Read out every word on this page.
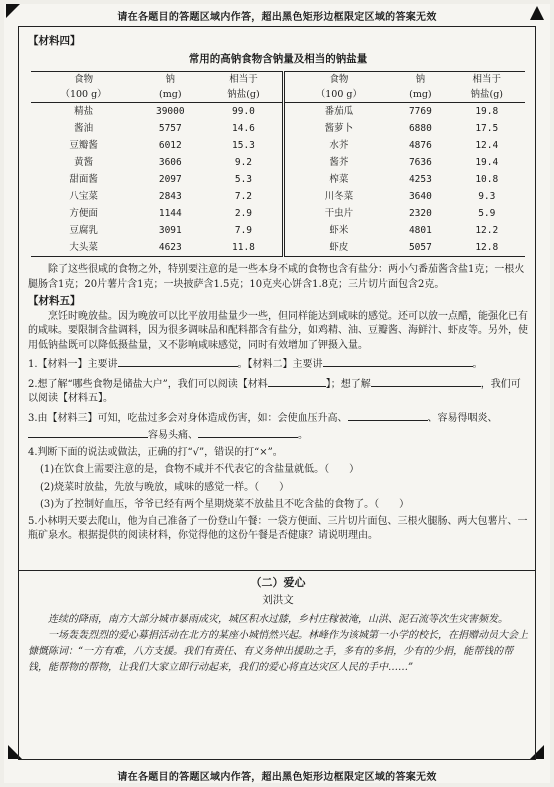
请在各题目的答题区域内作答，超出黑色矩形边框限定区域的答案无效
【材料四】
常用的高钠食物含钠量及相当的钠盐量
食物	钠	相当于	食物	钠	相当于
（100 g）	(mg)	钠盐(g)	（100 g）	(mg)	钠盐(g)
精盐	39000	99.0	番茄瓜	7769	19.8
酱油	5757	14.6	酱萝卜	6880	17.5
豆瓣酱	6012	15.3	水芥	4876	12.4
黄酱	3606	9.2	酱芥	7636	19.4
甜面酱	2097	5.3	榨菜	4253	10.8
八宝菜	2843	7.2	川冬菜	3640	9.3
方便面	1144	2.9	干虫片	2320	5.9
豆腐乳	3091	7.9	虾米	4801	12.2
大头菜	4623	11.8	虾皮	5057	12.8

除了这些很咸的食物之外，特别要注意的是一些本身不咸的食物也含有盐分：两小勺番茄酱含盐1克；一根火腿肠含1克；20片薯片含1克；一块披萨含1.5克；10克夹心饼含1.8克；三片切片面包含2克。

【材料五】

烹饪时晚放盐。因为晚放可以比平放用盐量少一些，但同样能达到咸味的感觉。还可以放一点醋，能强化已有的咸味。要限制含盐调料，因为很多调味品和配料都含有盐分，如鸡精、油、豆瓣酱、海鲜汁、虾皮等。另外，使用低钠盐既可以降低摄盐量，又不影响咸味感觉，同时有效增加了钾摄入量。

1.【材料一】主要讲	。【材料二】主要讲	。

2.想了解“哪些食物是储盐大户”，我们可以阅读【材料	】；想了解	，我们可以阅读【材料五】。

3.由【材料三】可知，吃盐过多会对身体造成伤害，如：会使血压升高、	、容易得咽炎、容易头痛、	。

4.判断下面的说法或做法，正确的打“√”，错误的打“×”。

(1)在饮食上需要注意的是，食物不咸并不代表它的含盐量就低。（　　）

(2)烧菜时放盐，先放与晚放，咸味的感觉一样。（　　）

(3)为了控制好血压，爷爷已经有两个星期烧菜不放盐且不吃含盐的食物了。（　　）

5.小林明天要去爬山，他为自己准备了一份登山午餐：一袋方便面、三片切片面包、三根火腿肠、两大包薯片、一瓶矿泉水。根据提供的阅读材料，你觉得他的这份午餐是否健康？请说明理由。

（二）爱心
刘洪文

连续的降雨，南方大部分城市暴雨成灾，城区积水过膝，乡村庄稼被淹，山洪、泥石流等次生灾害频发。

一场轰轰烈烈的爱心募捐活动在北方的某座小城悄然兴起。林峰作为该城第一小学的校长，在捐赠动员大会上慷慨陈词：“一方有难，八方支援。我们有责任、有义务伸出援助之手，多有的多捐，少有的少捐，能帮钱的帮钱，能帮物的帮物，让我们大家立即行动起来，我们的爱心将直达灾区人民的手中……”

请在各题目的答题区域内作答，超出黑色矩形边框限定区域的答案无效
